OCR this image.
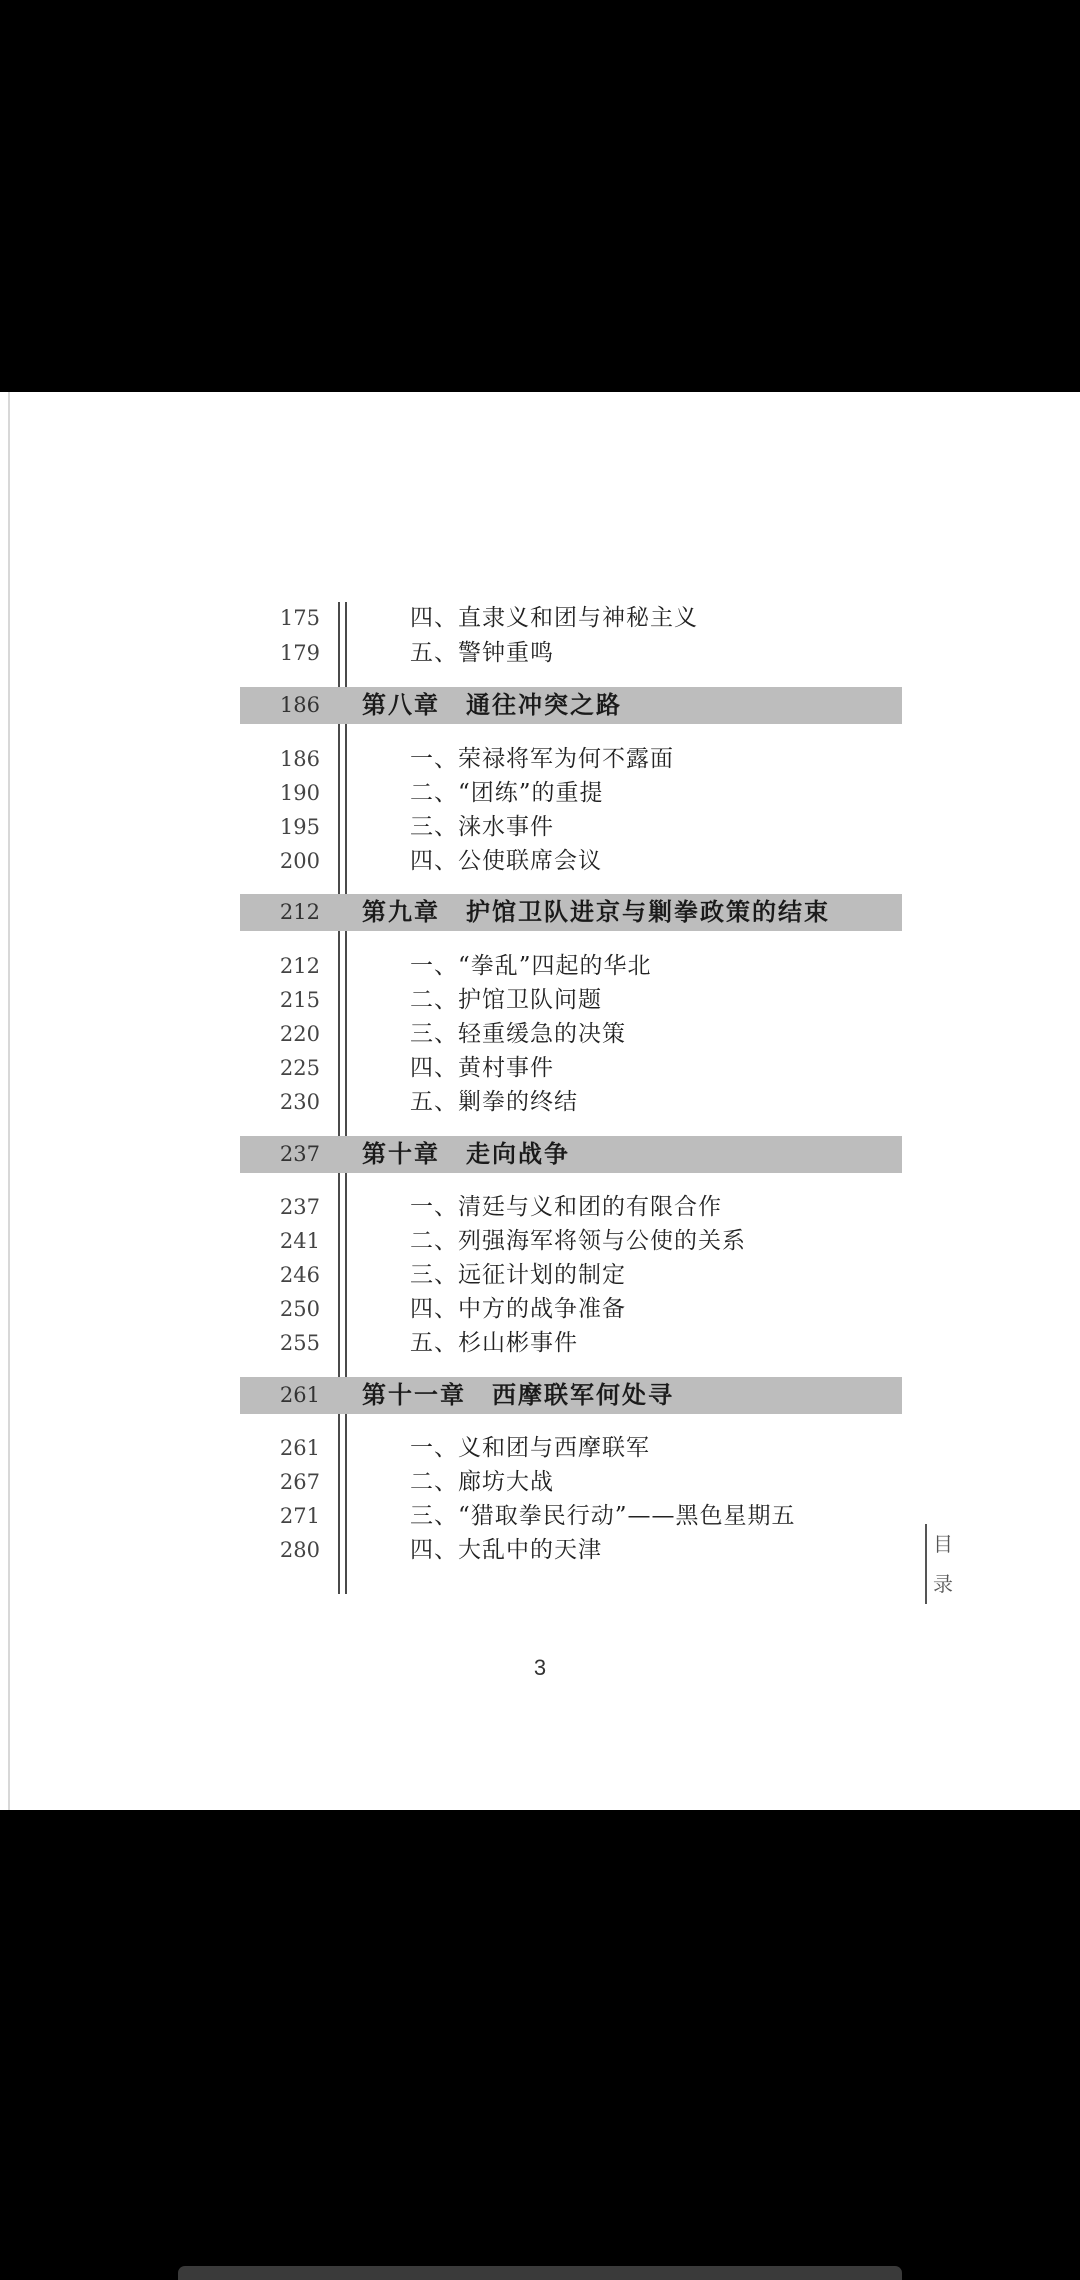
175	四、直隶义和团与神秘主义
179	五、警钟重鸣
186 第八章　通往冲突之路
186	一、荣禄将军为何不露面
190	二、“团练”的重提
195	三、涞水事件
200	四、公使联席会议
212 第九章　护馆卫队进京与剿拳政策的结束
212	一、“拳乱”四起的华北
215	二、护馆卫队问题
220	三、轻重缓急的决策
225	四、黄村事件
230	五、剿拳的终结
237 第十章　走向战争
237	一、清廷与义和团的有限合作
241	二、列强海军将领与公使的关系
246	三、远征计划的制定
250	四、中方的战争准备
255	五、杉山彬事件
261 第十一章　西摩联军何处寻
261	一、义和团与西摩联军
267	二、廊坊大战
271	三、“猎取拳民行动”——黑色星期五
280	四、大乱中的天津	目
录
3
